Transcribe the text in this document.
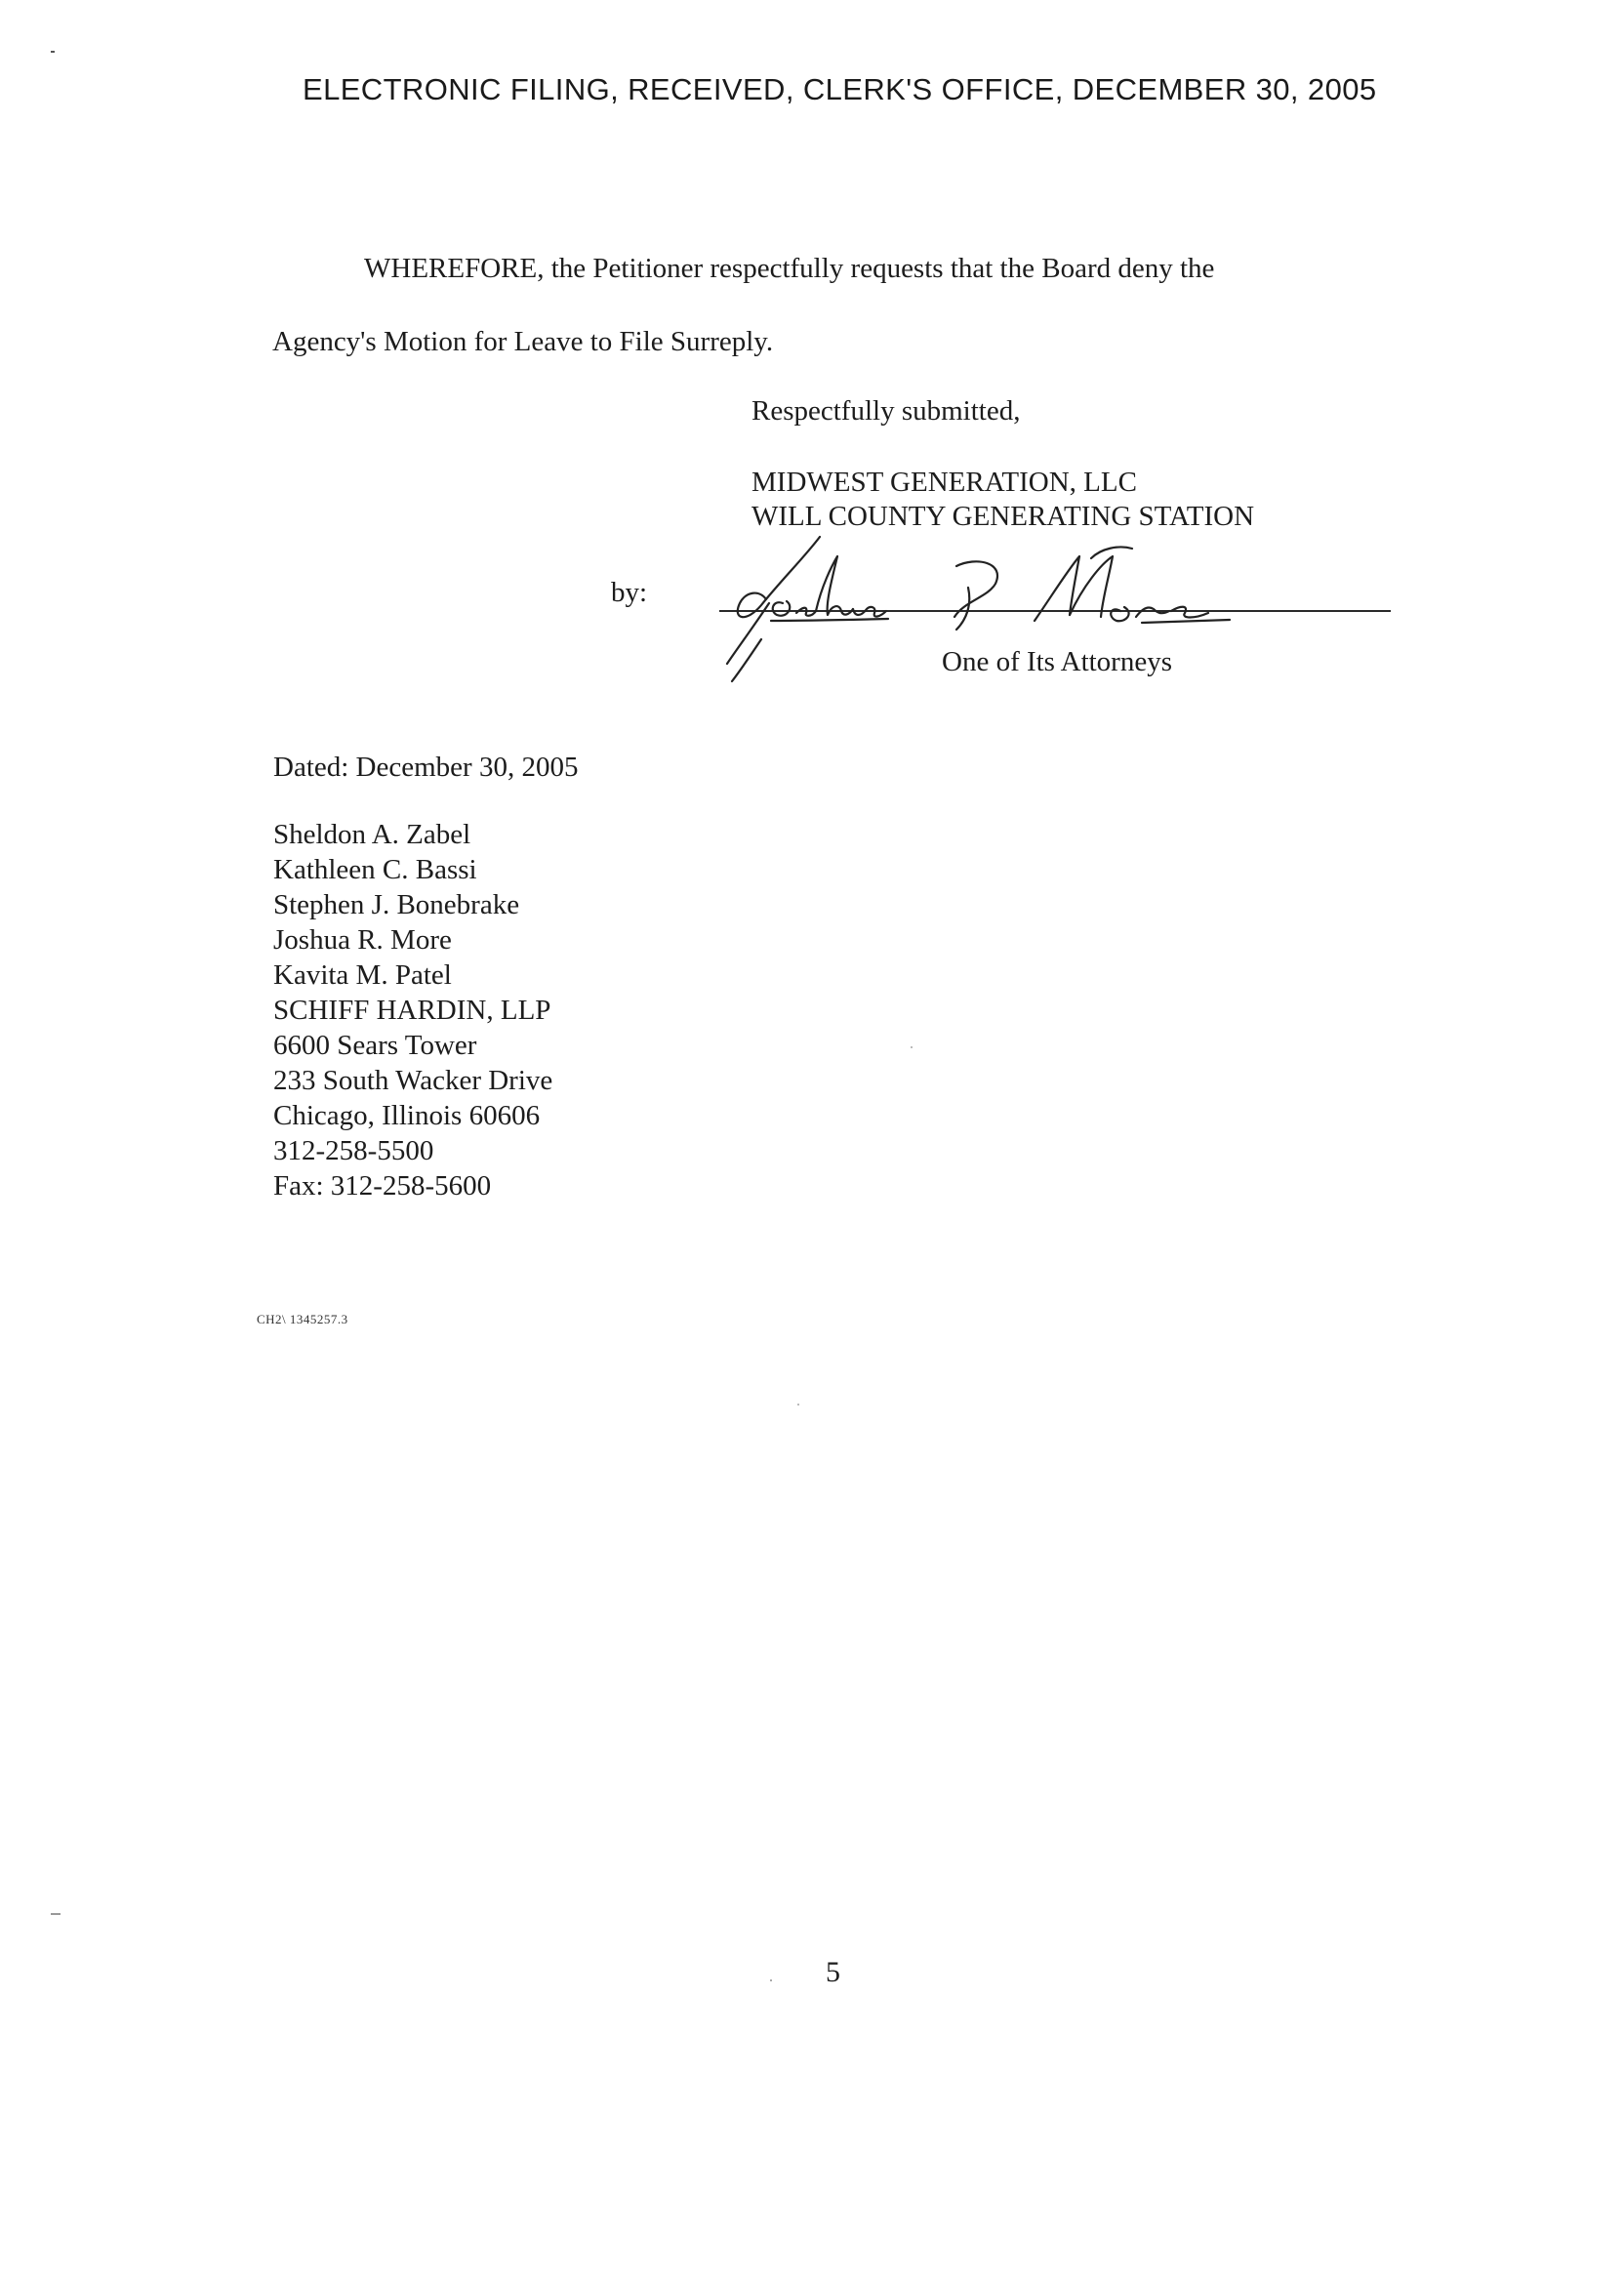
ELECTRONIC FILING, RECEIVED, CLERK'S OFFICE, DECEMBER 30, 2005
WHEREFORE, the Petitioner respectfully requests that the Board deny the
Agency's Motion for Leave to File Surreply.
Respectfully submitted,
MIDWEST GENERATION, LLC
WILL COUNTY GENERATING STATION
by:
One of Its Attorneys
Dated: December 30, 2005
Sheldon A. Zabel
Kathleen C. Bassi
Stephen J. Bonebrake
Joshua R. More
Kavita M. Patel
SCHIFF HARDIN, LLP
6600 Sears Tower
233 South Wacker Drive
Chicago, Illinois 60606
312-258-5500
Fax: 312-258-5600
CH2\ 1345257.3
5
